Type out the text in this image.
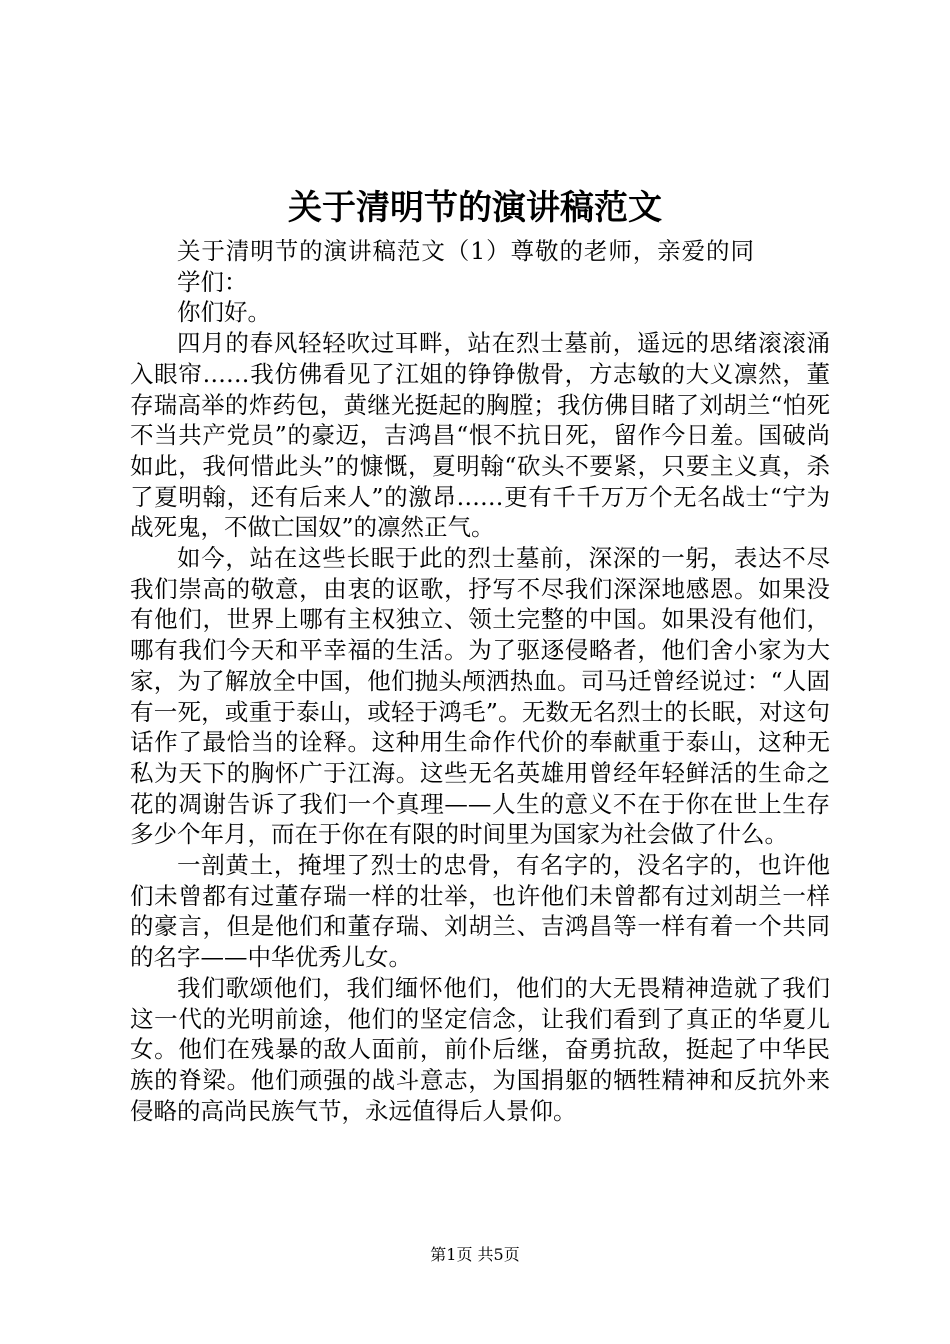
关于清明节的演讲稿范文

关于清明节的演讲稿范文（1）尊敬的老师，亲爱的同学们：

你们好。

四月的春风轻轻吹过耳畔，站在烈士墓前，遥远的思绪滚滚涌入眼帘……我仿佛看见了江姐的铮铮傲骨，方志敏的大义凛然，董存瑞高举的炸药包，黄继光挺起的胸膛；我仿佛目睹了刘胡兰“怕死不当共产党员”的豪迈，吉鸿昌“恨不抗日死，留作今日羞。国破尚如此，我何惜此头”的慷慨，夏明翰“砍头不要紧，只要主义真，杀了夏明翰，还有后来人”的激昂……更有千千万万个无名战士“宁为战死鬼，不做亡国奴”的凛然正气。

如今，站在这些长眠于此的烈士墓前，深深的一躬，表达不尽我们崇高的敬意，由衷的讴歌，抒写不尽我们深深地感恩。如果没有他们，世界上哪有主权独立、领土完整的中国。如果没有他们，哪有我们今天和平幸福的生活。为了驱逐侵略者，他们舍小家为大家，为了解放全中国，他们抛头颅洒热血。司马迁曾经说过：“人固有一死，或重于泰山，或轻于鸿毛”。无数无名烈士的长眠，对这句话作了最恰当的诠释。这种用生命作代价的奉献重于泰山，这种无私为天下的胸怀广于江海。这些无名英雄用曾经年轻鲜活的生命之花的凋谢告诉了我们一个真理——人生的意义不在于你在世上生存多少个年月，而在于你在有限的时间里为国家为社会做了什么。

一剖黄土，掩埋了烈士的忠骨，有名字的，没名字的，也许他们未曾都有过董存瑞一样的壮举，也许他们未曾都有过刘胡兰一样的豪言，但是他们和董存瑞、刘胡兰、吉鸿昌等一样有着一个共同的名字——中华优秀儿女。

我们歌颂他们，我们缅怀他们，他们的大无畏精神造就了我们这一代的光明前途，他们的坚定信念，让我们看到了真正的华夏儿女。他们在残暴的敌人面前，前仆后继，奋勇抗敌，挺起了中华民族的脊梁。他们顽强的战斗意志，为国捐躯的牺牲精神和反抗外来侵略的高尚民族气节，永远值得后人景仰。

第1页 共5页
